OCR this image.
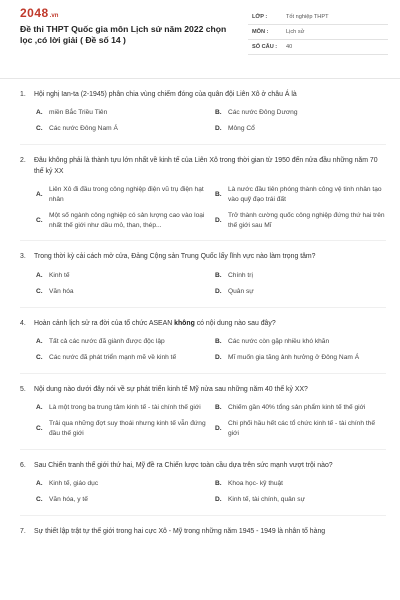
2048 .vn
Đề thi THPT Quốc gia môn Lịch sử năm 2022 chọn lọc ,có lời giải ( Đề số 14 )
LỚP :	Tốt nghiệp THPT
MÔN :	Lịch sử
SỐ CÂU :	40
1.	Hội nghị Ian-ta (2-1945) phân chia vùng chiếm đóng của quân đội Liên Xô ở châu Á là
A. miền Bắc Triều Tiên	B. Các nước Đông Dương
C. Các nước Đông Nam Á	D. Mông Cổ
2.	Đâu không phải là thành tựu lớn nhất về kinh tế của Liên Xô trong thời gian từ 1950 đến nửa đầu những năm 70 thế kỷ XX
A.
Liên Xô đi đầu trong công nghiệp điện vũ trụ điện hạt nhân
B.
Là nước đầu tiên phóng thành công vệ tinh nhân tạo vào quỹ đạo trái đất
C.
Một số ngành công nghiệp có sản lượng cao vào loại nhất thế giới như dầu mỏ, than, thép...
D.
Trở thành cường quốc công nghiệp đứng thứ hai trên thế giới sau Mĩ
3.	Trong thời kỳ cải cách mở cửa, Đảng Cộng sản Trung Quốc lấy lĩnh vực nào làm trọng tâm?
A. Kinh tế	B. Chính trị
C. Văn hóa	D. Quân sự
4.	Hoàn cảnh lịch sử ra đời của tổ chức ASEAN không có nội dung nào sau đây?
A. Tất cả các nước đã giành được độc lập	B. Các nước còn gặp nhiều khó khăn
C. Các nước đã phát triển mạnh mẽ về kinh tế	D. Mĩ muốn gia tăng ảnh hưởng ở Đông Nam Á
5.	Nội dung nào dưới đây nói về sự phát triển kinh tế Mỹ nửa sau những năm 40 thế kỷ XX?
A. Là một trong ba trung tâm kinh tế - tài chính thế giới	B. Chiếm gần 40% tổng sản phẩm kinh tế thế giới
C.
Trải qua những đợt suy thoái nhưng kinh tế vẫn đứng đầu thế giới
D.
Chi phối hầu hết các tổ chức kinh tế - tài chính thế giới
6.	Sau Chiến tranh thế giới thứ hai, Mỹ đề ra Chiến lược toàn cầu dựa trên sức mạnh vượt trội nào?
A. Kinh tế, giáo dục	B. Khoa học- kỹ thuật
C. Văn hóa, y tế	D. Kinh tế, tài chính, quân sự
7.	Sự thiết lập trật tự thế giới trong hai cực Xô - Mỹ trong những năm 1945 - 1949 là nhân tố hàng
